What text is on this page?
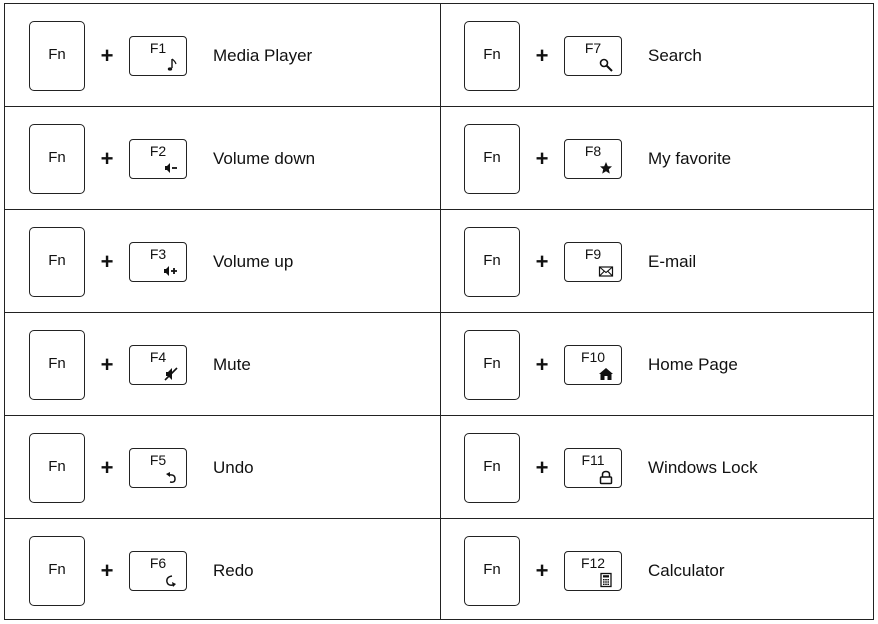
Fn	+	F1	Media Player
Fn	+	F2	Volume down
Fn	+	F3	Volume up
Fn	+	F4	Mute
Fn	+	F5	Undo
Fn	+	F6	Redo
Fn	+	F7	Search
Fn	+	F8	My favorite
Fn	+	F9	E-mail
Fn	+	F10	Home Page
Fn	+	F11	Windows Lock
Fn	+	F12	Calculator
